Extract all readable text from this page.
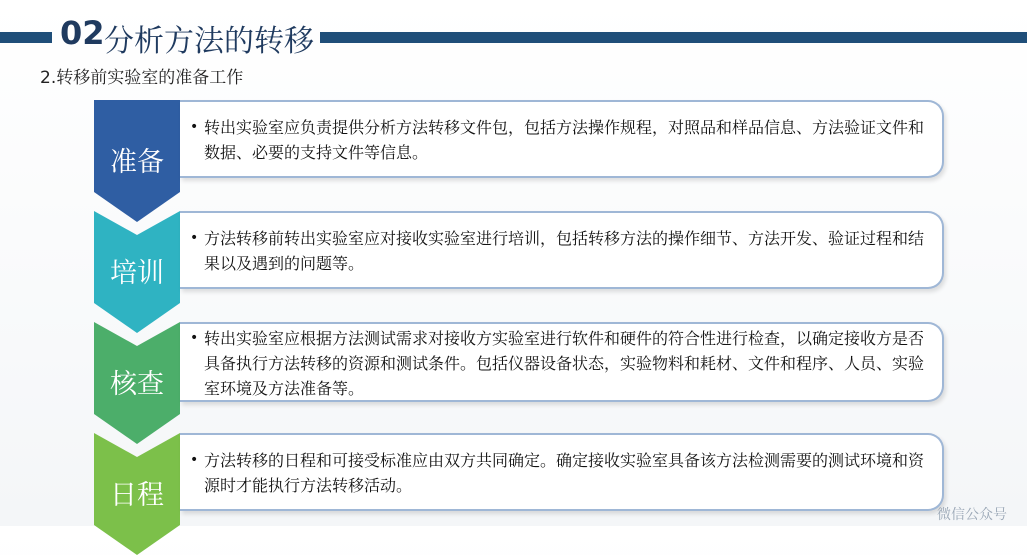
02 分析方法的转移
2.转移前实验室的准备工作
准备
• 转出实验室应负责提供分析方法转移文件包，包括方法操作规程，对照品和样品信息、方法验证文件和数据、必要的支持文件等信息。
培训
• 方法转移前转出实验室应对接收实验室进行培训，包括转移方法的操作细节、方法开发、验证过程和结果以及遇到的问题等。
核查
• 转出实验室应根据方法测试需求对接收方实验室进行软件和硬件的符合性进行检查，以确定接收方是否具备执行方法转移的资源和测试条件。包括仪器设备状态，实验物料和耗材、文件和程序、人员、实验室环境及方法准备等。
日程
• 方法转移的日程和可接受标准应由双方共同确定。确定接收实验室具备该方法检测需要的测试环境和资源时才能执行方法转移活动。
微信公众号
